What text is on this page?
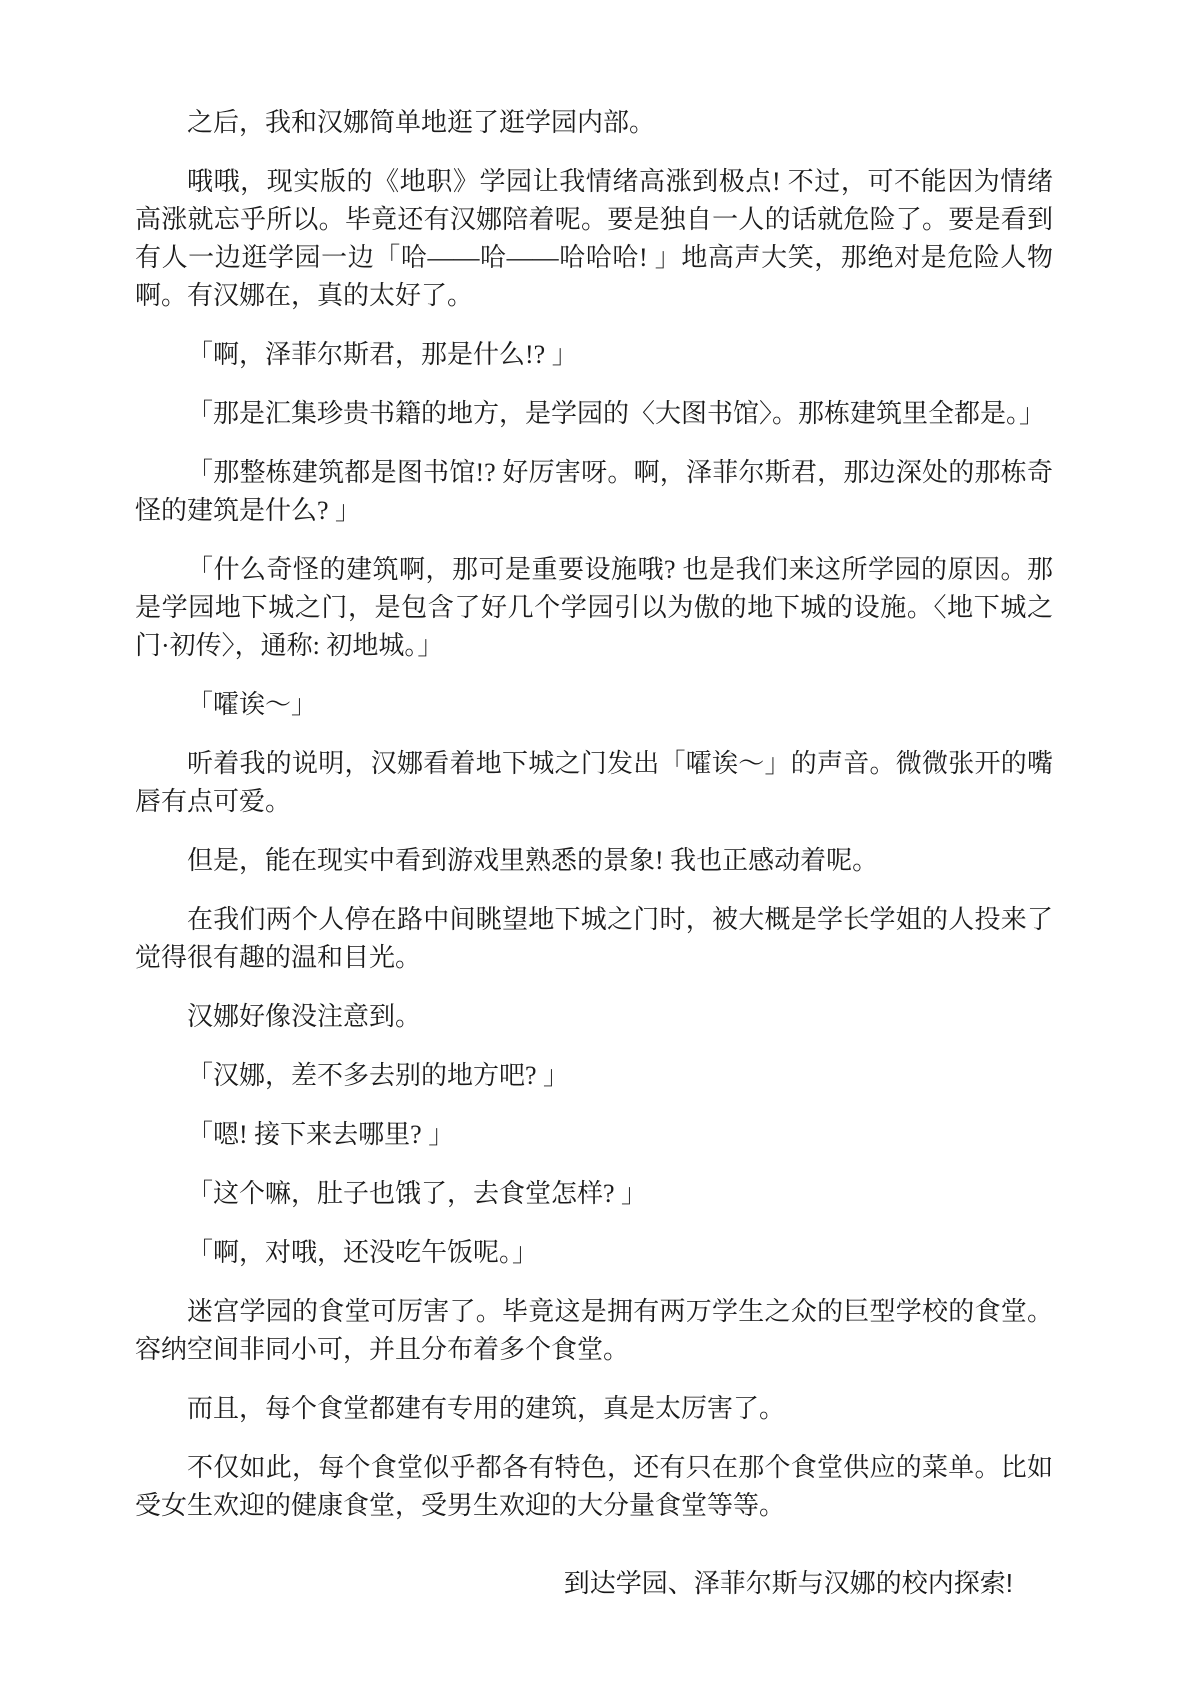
之后，我和汉娜简单地逛了逛学园内部。

哦哦，现实版的《地职》学园让我情绪高涨到极点! 不过，可不能因为情绪高涨就忘乎所以。毕竟还有汉娜陪着呢。要是独自一人的话就危险了。要是看到有人一边逛学园一边「哈——哈——哈哈哈! 」地高声大笑，那绝对是危险人物啊。有汉娜在，真的太好了。

「啊，泽菲尔斯君，那是什么!? 」

「那是汇集珍贵书籍的地方，是学园的〈大图书馆〉。那栋建筑里全都是。」

「那整栋建筑都是图书馆!? 好厉害呀。啊，泽菲尔斯君，那边深处的那栋奇怪的建筑是什么? 」

「什么奇怪的建筑啊，那可是重要设施哦? 也是我们来这所学园的原因。那是学园地下城之门，是包含了好几个学园引以为傲的地下城的设施。〈地下城之门·初传〉，通称: 初地城。」

「嚯诶～」

听着我的说明，汉娜看着地下城之门发出「嚯诶～」的声音。微微张开的嘴唇有点可爱。

但是，能在现实中看到游戏里熟悉的景象! 我也正感动着呢。

在我们两个人停在路中间眺望地下城之门时，被大概是学长学姐的人投来了觉得很有趣的温和目光。

汉娜好像没注意到。

「汉娜，差不多去别的地方吧? 」

「嗯! 接下来去哪里? 」

「这个嘛，肚子也饿了，去食堂怎样? 」

「啊，对哦，还没吃午饭呢。」

迷宫学园的食堂可厉害了。毕竟这是拥有两万学生之众的巨型学校的食堂。容纳空间非同小可，并且分布着多个食堂。

而且，每个食堂都建有专用的建筑，真是太厉害了。

不仅如此，每个食堂似乎都各有特色，还有只在那个食堂供应的菜单。比如受女生欢迎的健康食堂，受男生欢迎的大分量食堂等等。

到达学园、泽菲尔斯与汉娜的校内探索!
